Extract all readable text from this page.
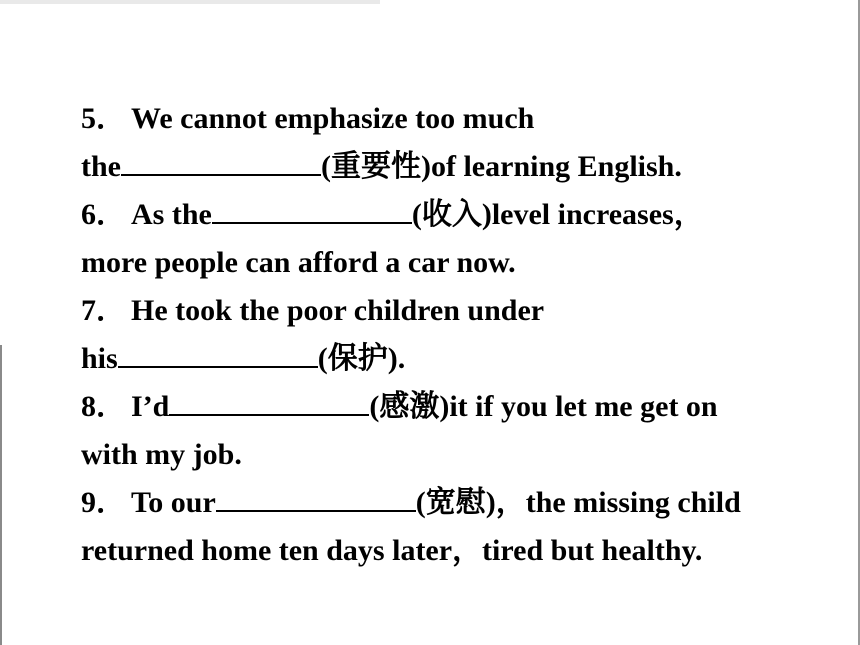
5． We cannot emphasize too much
the	(重要性)of learning English.
6． As the	(收入)level increases，
more people can afford a car now.
7． He took the poor children under
his	(保护).
8． I’d	(感激)it if you let me get on
with my job.
9． To our	(宽慰)，the missing child
returned home ten days later，tired but healthy.
